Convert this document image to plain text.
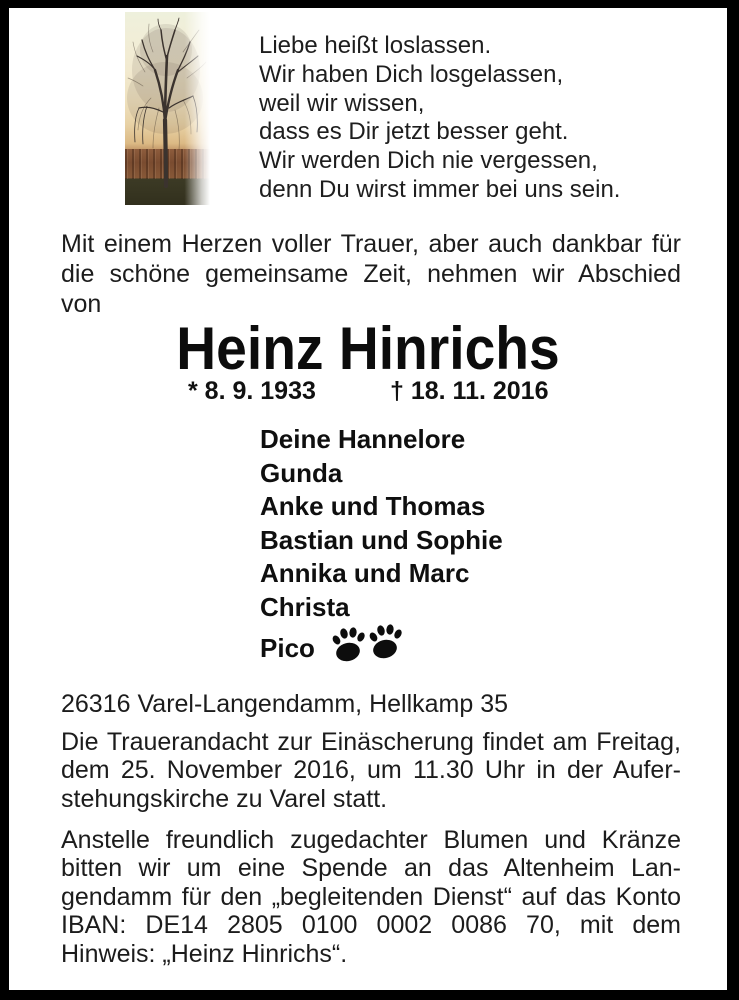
Liebe heißt loslassen.
Wir haben Dich losgelassen,
weil wir wissen,
dass es Dir jetzt besser geht.
Wir werden Dich nie vergessen,
denn Du wirst immer bei uns sein.
Mit einem Herzen voller Trauer, aber auch dankbar für
die schöne gemeinsame Zeit, nehmen wir Abschied
von
Heinz Hinrichs
* 8. 9. 1933	† 18. 11. 2016
Deine Hannelore
Gunda
Anke und Thomas
Bastian und Sophie
Annika und Marc
Christa
Pico
26316 Varel-Langendamm, Hellkamp 35
Die Trauerandacht zur Einäscherung findet am Freitag,
dem 25. November 2016, um 11.30 Uhr in der Aufer-
stehungskirche zu Varel statt.
Anstelle freundlich zugedachter Blumen und Kränze
bitten wir um eine Spende an das Altenheim Lan-
gendamm für den „begleitenden Dienst“ auf das Konto
IBAN: DE14 2805 0100 0002 0086 70, mit dem
Hinweis: „Heinz Hinrichs“.
